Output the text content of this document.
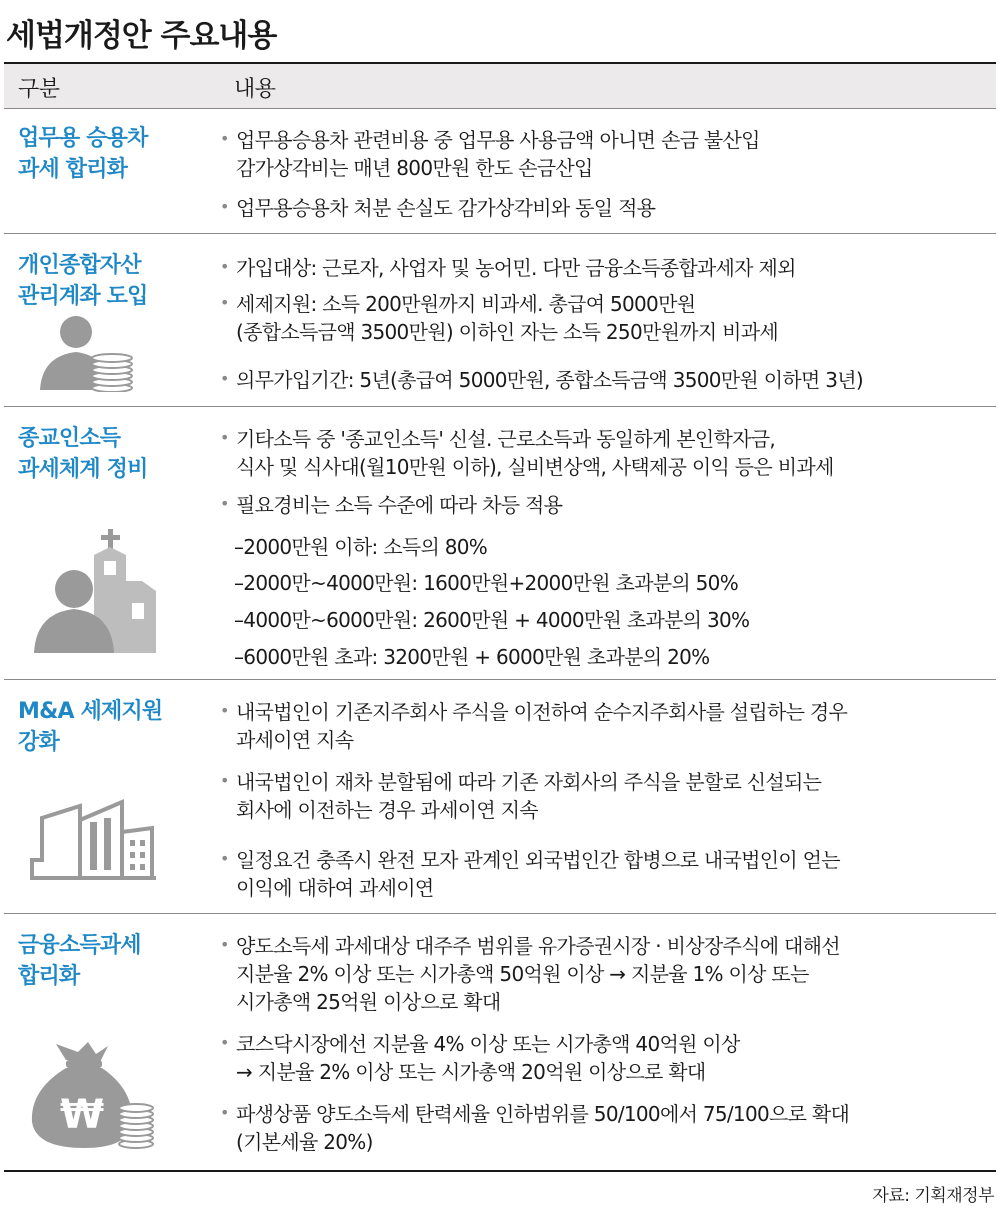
세법개정안 주요내용
구분	내용
업무용 승용차
과세 합리화
• 업무용승용차 관련비용 중 업무용 사용금액 아니면 손금 불산입
감가상각비는 매년 800만원 한도 손금산입
• 업무용승용차 처분 손실도 감가상각비와 동일 적용
개인종합자산
관리계좌 도입
• 가입대상: 근로자, 사업자 및 농어민. 다만 금융소득종합과세자 제외
• 세제지원: 소득 200만원까지 비과세. 총급여 5000만원
(종합소득금액 3500만원) 이하인 자는 소득 250만원까지 비과세
• 의무가입기간: 5년(총급여 5000만원, 종합소득금액 3500만원 이하면 3년)
종교인소득
과세체계 정비
• 기타소득 중 '종교인소득' 신설. 근로소득과 동일하게 본인학자금,
식사 및 식사대(월10만원 이하), 실비변상액, 사택제공 이익 등은 비과세
• 필요경비는 소득 수준에 따라 차등 적용
–2000만원 이하: 소득의 80%
–2000만~4000만원: 1600만원+2000만원 초과분의 50%
–4000만~6000만원: 2600만원 + 4000만원 초과분의 30%
–6000만원 초과: 3200만원 + 6000만원 초과분의 20%
M&A 세제지원
강화
• 내국법인이 기존지주회사 주식을 이전하여 순수지주회사를 설립하는 경우
과세이연 지속
• 내국법인이 재차 분할됨에 따라 기존 자회사의 주식을 분할로 신설되는
회사에 이전하는 경우 과세이연 지속
• 일정요건 충족시 완전 모자 관계인 외국법인간 합병으로 내국법인이 얻는
이익에 대하여 과세이연
금융소득과세
합리화
₩
• 양도소득세 과세대상 대주주 범위를 유가증권시장 · 비상장주식에 대해선
지분율 2% 이상 또는 시가총액 50억원 이상 → 지분율 1% 이상 또는
시가총액 25억원 이상으로 확대
• 코스닥시장에선 지분율 4% 이상 또는 시가총액 40억원 이상
→ 지분율 2% 이상 또는 시가총액 20억원 이상으로 확대
• 파생상품 양도소득세 탄력세율 인하범위를 50/100에서 75/100으로 확대
(기본세율 20%)
자료: 기획재정부
